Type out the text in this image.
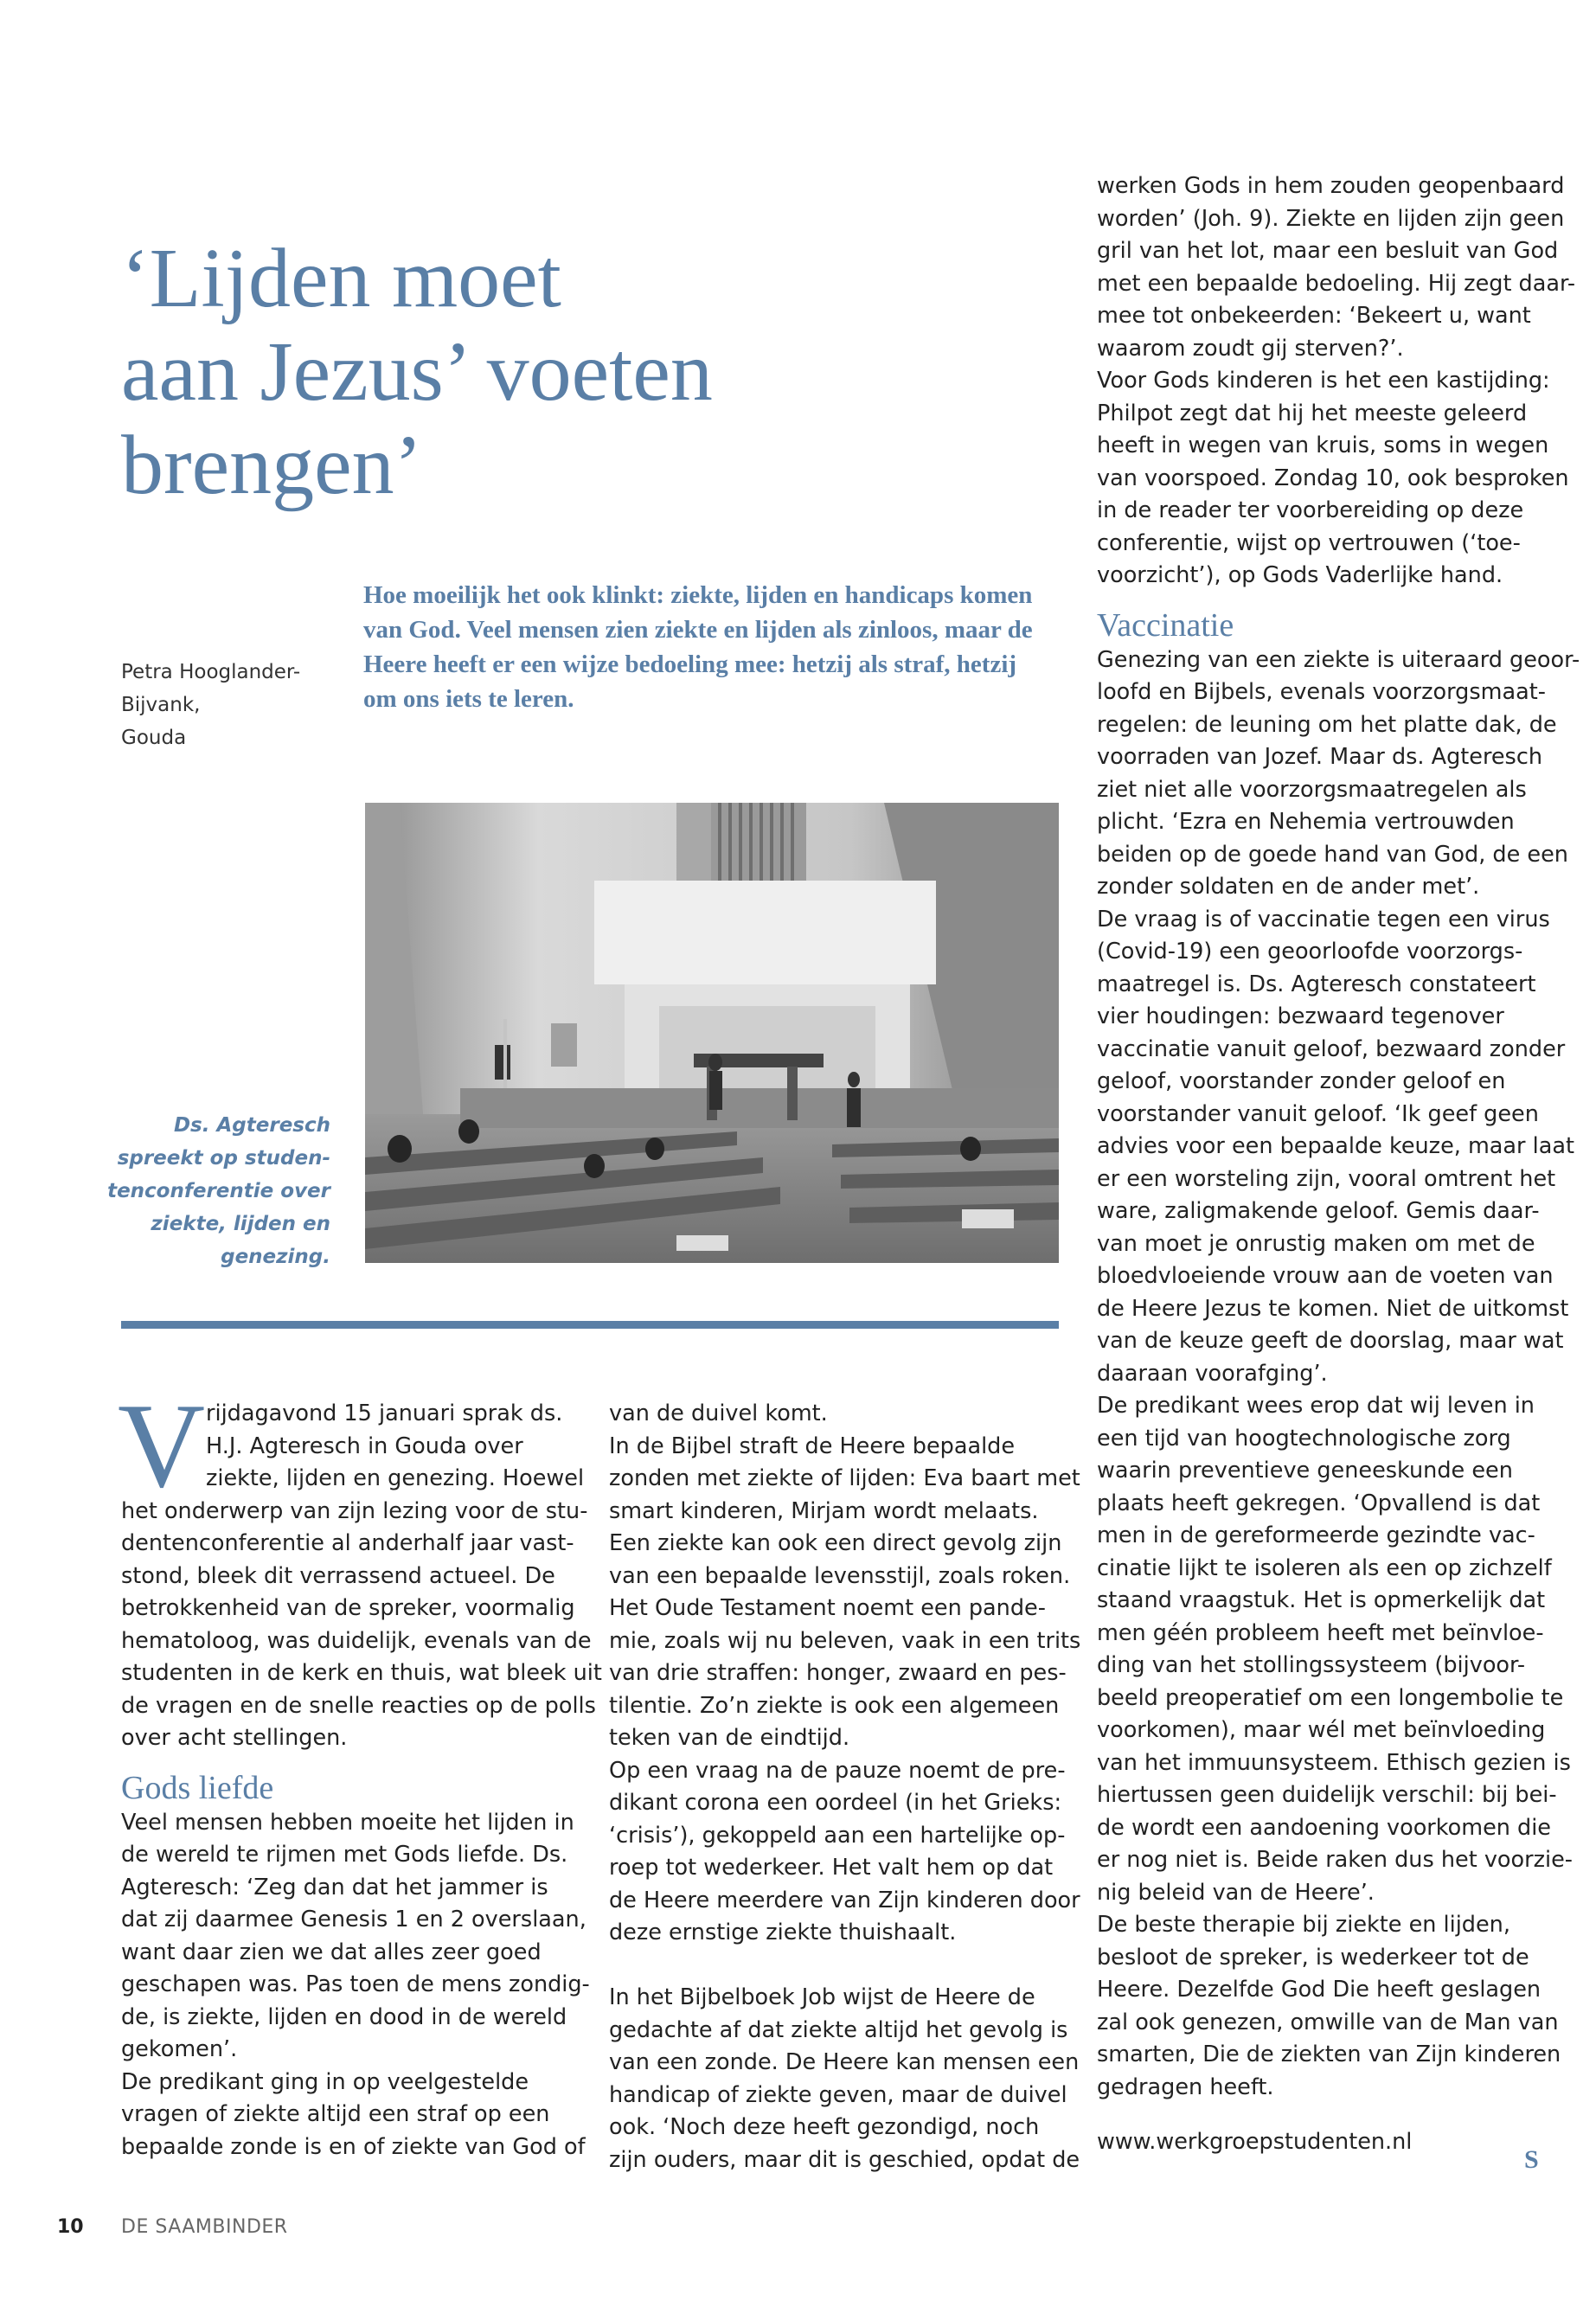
‘Lijden moet
aan Jezus’ voeten
brengen’
Petra Hooglander-
Bijvank,
Gouda

Hoe moeilijk het ook klinkt: ziekte, lijden en handicaps komen van God. Veel mensen zien ziekte en lijden als zinloos, maar de Heere heeft er een wijze bedoeling mee: hetzij als straf, hetzij om ons iets te leren.

Ds. Agteresch
spreekt op studen-
tenconferentie over
ziekte, lijden en
genezing.
V rijdagavond 15 januari sprak ds.
H.J. Agteresch in Gouda over
ziekte, lijden en genezing. Hoewel
het onderwerp van zijn lezing voor de stu-
dentenconferentie al anderhalf jaar vast-
stond, bleek dit verrassend actueel. De
betrokkenheid van de spreker, voormalig
hematoloog, was duidelijk, evenals van de
studenten in de kerk en thuis, wat bleek uit
de vragen en de snelle reacties op de polls
over acht stellingen.
Gods liefde
Veel mensen hebben moeite het lijden in
de wereld te rijmen met Gods liefde. Ds.
Agteresch: ‘Zeg dan dat het jammer is
dat zij daarmee Genesis 1 en 2 overslaan,
want daar zien we dat alles zeer goed
geschapen was. Pas toen de mens zondig-
de, is ziekte, lijden en dood in de wereld
gekomen’.
De predikant ging in op veelgestelde
vragen of ziekte altijd een straf op een
bepaalde zonde is en of ziekte van God of
van de duivel komt.
In de Bijbel straft de Heere bepaalde
zonden met ziekte of lijden: Eva baart met
smart kinderen, Mirjam wordt melaats.
Een ziekte kan ook een direct gevolg zijn
van een bepaalde levensstijl, zoals roken.
Het Oude Testament noemt een pande-
mie, zoals wij nu beleven, vaak in een trits
van drie straffen: honger, zwaard en pes-
tilentie. Zo’n ziekte is ook een algemeen
teken van de eindtijd.
Op een vraag na de pauze noemt de pre-
dikant corona een oordeel (in het Grieks:
‘crisis’), gekoppeld aan een hartelijke op-
roep tot wederkeer. Het valt hem op dat
de Heere meerdere van Zijn kinderen door
deze ernstige ziekte thuishaalt.
In het Bijbelboek Job wijst de Heere de
gedachte af dat ziekte altijd het gevolg is
van een zonde. De Heere kan mensen een
handicap of ziekte geven, maar de duivel
ook. ‘Noch deze heeft gezondigd, noch
zijn ouders, maar dit is geschied, opdat de
werken Gods in hem zouden geopenbaard
worden’ (Joh. 9). Ziekte en lijden zijn geen
gril van het lot, maar een besluit van God
met een bepaalde bedoeling. Hij zegt daar-
mee tot onbekeerden: ‘Bekeert u, want
waarom zoudt gij sterven?’.
Voor Gods kinderen is het een kastijding:
Philpot zegt dat hij het meeste geleerd
heeft in wegen van kruis, soms in wegen
van voorspoed. Zondag 10, ook besproken
in de reader ter voorbereiding op deze
conferentie, wijst op vertrouwen (‘toe-
voorzicht’), op Gods Vaderlijke hand.
Vaccinatie
Genezing van een ziekte is uiteraard geoor-
loofd en Bijbels, evenals voorzorgsmaat-
regelen: de leuning om het platte dak, de
voorraden van Jozef. Maar ds. Agteresch
ziet niet alle voorzorgsmaatregelen als
plicht. ‘Ezra en Nehemia vertrouwden
beiden op de goede hand van God, de een
zonder soldaten en de ander met’.
De vraag is of vaccinatie tegen een virus
(Covid-19) een geoorloofde voorzorgs-
maatregel is. Ds. Agteresch constateert
vier houdingen: bezwaard tegenover
vaccinatie vanuit geloof, bezwaard zonder
geloof, voorstander zonder geloof en
voorstander vanuit geloof. ‘Ik geef geen
advies voor een bepaalde keuze, maar laat
er een worsteling zijn, vooral omtrent het
ware, zaligmakende geloof. Gemis daar-
van moet je onrustig maken om met de
bloedvloeiende vrouw aan de voeten van
de Heere Jezus te komen. Niet de uitkomst
van de keuze geeft de doorslag, maar wat
daaraan voorafging’.
De predikant wees erop dat wij leven in
een tijd van hoogtechnologische zorg
waarin preventieve geneeskunde een
plaats heeft gekregen. ‘Opvallend is dat
men in de gereformeerde gezindte vac-
cinatie lijkt te isoleren als een op zichzelf
staand vraagstuk. Het is opmerkelijk dat
men géén probleem heeft met beïnvloe-
ding van het stollingssysteem (bijvoor-
beeld preoperatief om een longembolie te
voorkomen), maar wél met beïnvloeding
van het immuunsysteem. Ethisch gezien is
hiertussen geen duidelijk verschil: bij bei-
de wordt een aandoening voorkomen die
er nog niet is. Beide raken dus het voorzie-
nig beleid van de Heere’.
De beste therapie bij ziekte en lijden,
besloot de spreker, is wederkeer tot de
Heere. Dezelfde God Die heeft geslagen
zal ook genezen, omwille van de Man van
smarten, Die de ziekten van Zijn kinderen
gedragen heeft.
www.werkgroepstudenten.nl
S
10 DE SAAMBINDER
